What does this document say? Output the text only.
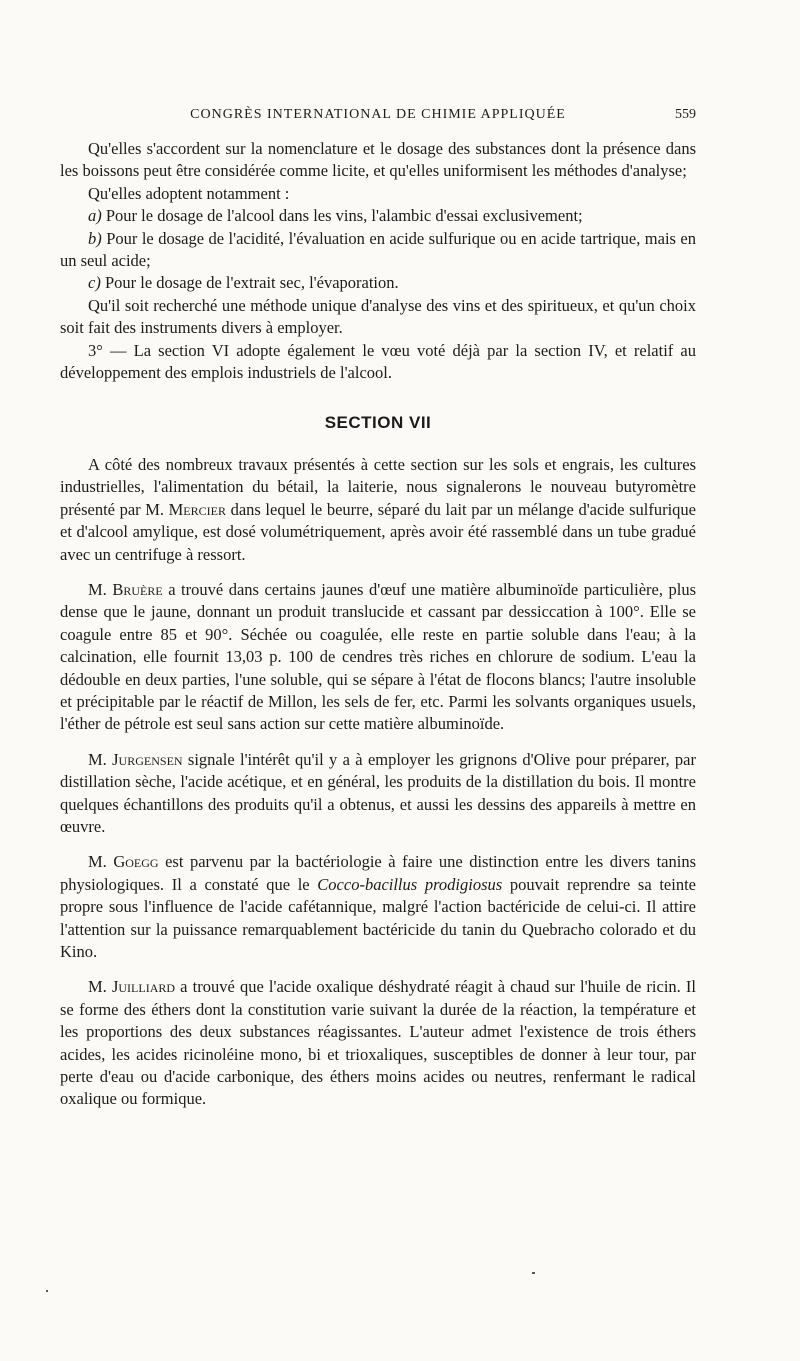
CONGRÈS INTERNATIONAL DE CHIMIE APPLIQUÉE	559

Qu'elles s'accordent sur la nomenclature et le dosage des substances dont la présence dans les boissons peut être considérée comme licite, et qu'elles uniformisent les méthodes d'analyse;

Qu'elles adoptent notamment :

a) Pour le dosage de l'alcool dans les vins, l'alambic d'essai exclusivement;

b) Pour le dosage de l'acidité, l'évaluation en acide sulfurique ou en acide tartrique, mais en un seul acide;

c) Pour le dosage de l'extrait sec, l'évaporation.

Qu'il soit recherché une méthode unique d'analyse des vins et des spiritueux, et qu'un choix soit fait des instruments divers à employer.

3° — La section VI adopte également le vœu voté déjà par la section IV, et relatif au développement des emplois industriels de l'alcool.

SECTION VII

A côté des nombreux travaux présentés à cette section sur les sols et engrais, les cultures industrielles, l'alimentation du bétail, la laiterie, nous signalerons le nouveau butyromètre présenté par M. Mercier dans lequel le beurre, séparé du lait par un mélange d'acide sulfurique et d'alcool amylique, est dosé volumétriquement, après avoir été rassemblé dans un tube gradué avec un centrifuge à ressort.

M. Bruère a trouvé dans certains jaunes d'œuf une matière albuminoïde particulière, plus dense que le jaune, donnant un produit translucide et cassant par dessiccation à 100°. Elle se coagule entre 85 et 90°. Séchée ou coagulée, elle reste en partie soluble dans l'eau; à la calcination, elle fournit 13,03 p. 100 de cendres très riches en chlorure de sodium. L'eau la dédouble en deux parties, l'une soluble, qui se sépare à l'état de flocons blancs; l'autre insoluble et précipitable par le réactif de Millon, les sels de fer, etc. Parmi les solvants organiques usuels, l'éther de pétrole est seul sans action sur cette matière albuminoïde.

M. Jurgensen signale l'intérêt qu'il y a à employer les grignons d'Olive pour préparer, par distillation sèche, l'acide acétique, et en général, les produits de la distillation du bois. Il montre quelques échantillons des produits qu'il a obtenus, et aussi les dessins des appareils à mettre en œuvre.

M. Goegg est parvenu par la bactériologie à faire une distinction entre les divers tanins physiologiques. Il a constaté que le Cocco-bacillus prodigiosus pouvait reprendre sa teinte propre sous l'influence de l'acide cafétannique, malgré l'action bactéricide de celui-ci. Il attire l'attention sur la puissance remarquablement bactéricide du tanin du Quebracho colorado et du Kino.

M. Juilliard a trouvé que l'acide oxalique déshydraté réagit à chaud sur l'huile de ricin. Il se forme des éthers dont la constitution varie suivant la durée de la réaction, la température et les proportions des deux substances réagissantes. L'auteur admet l'existence de trois éthers acides, les acides ricinoléine mono, bi et trioxaliques, susceptibles de donner à leur tour, par perte d'eau ou d'acide carbonique, des éthers moins acides ou neutres, renfermant le radical oxalique ou formique.
